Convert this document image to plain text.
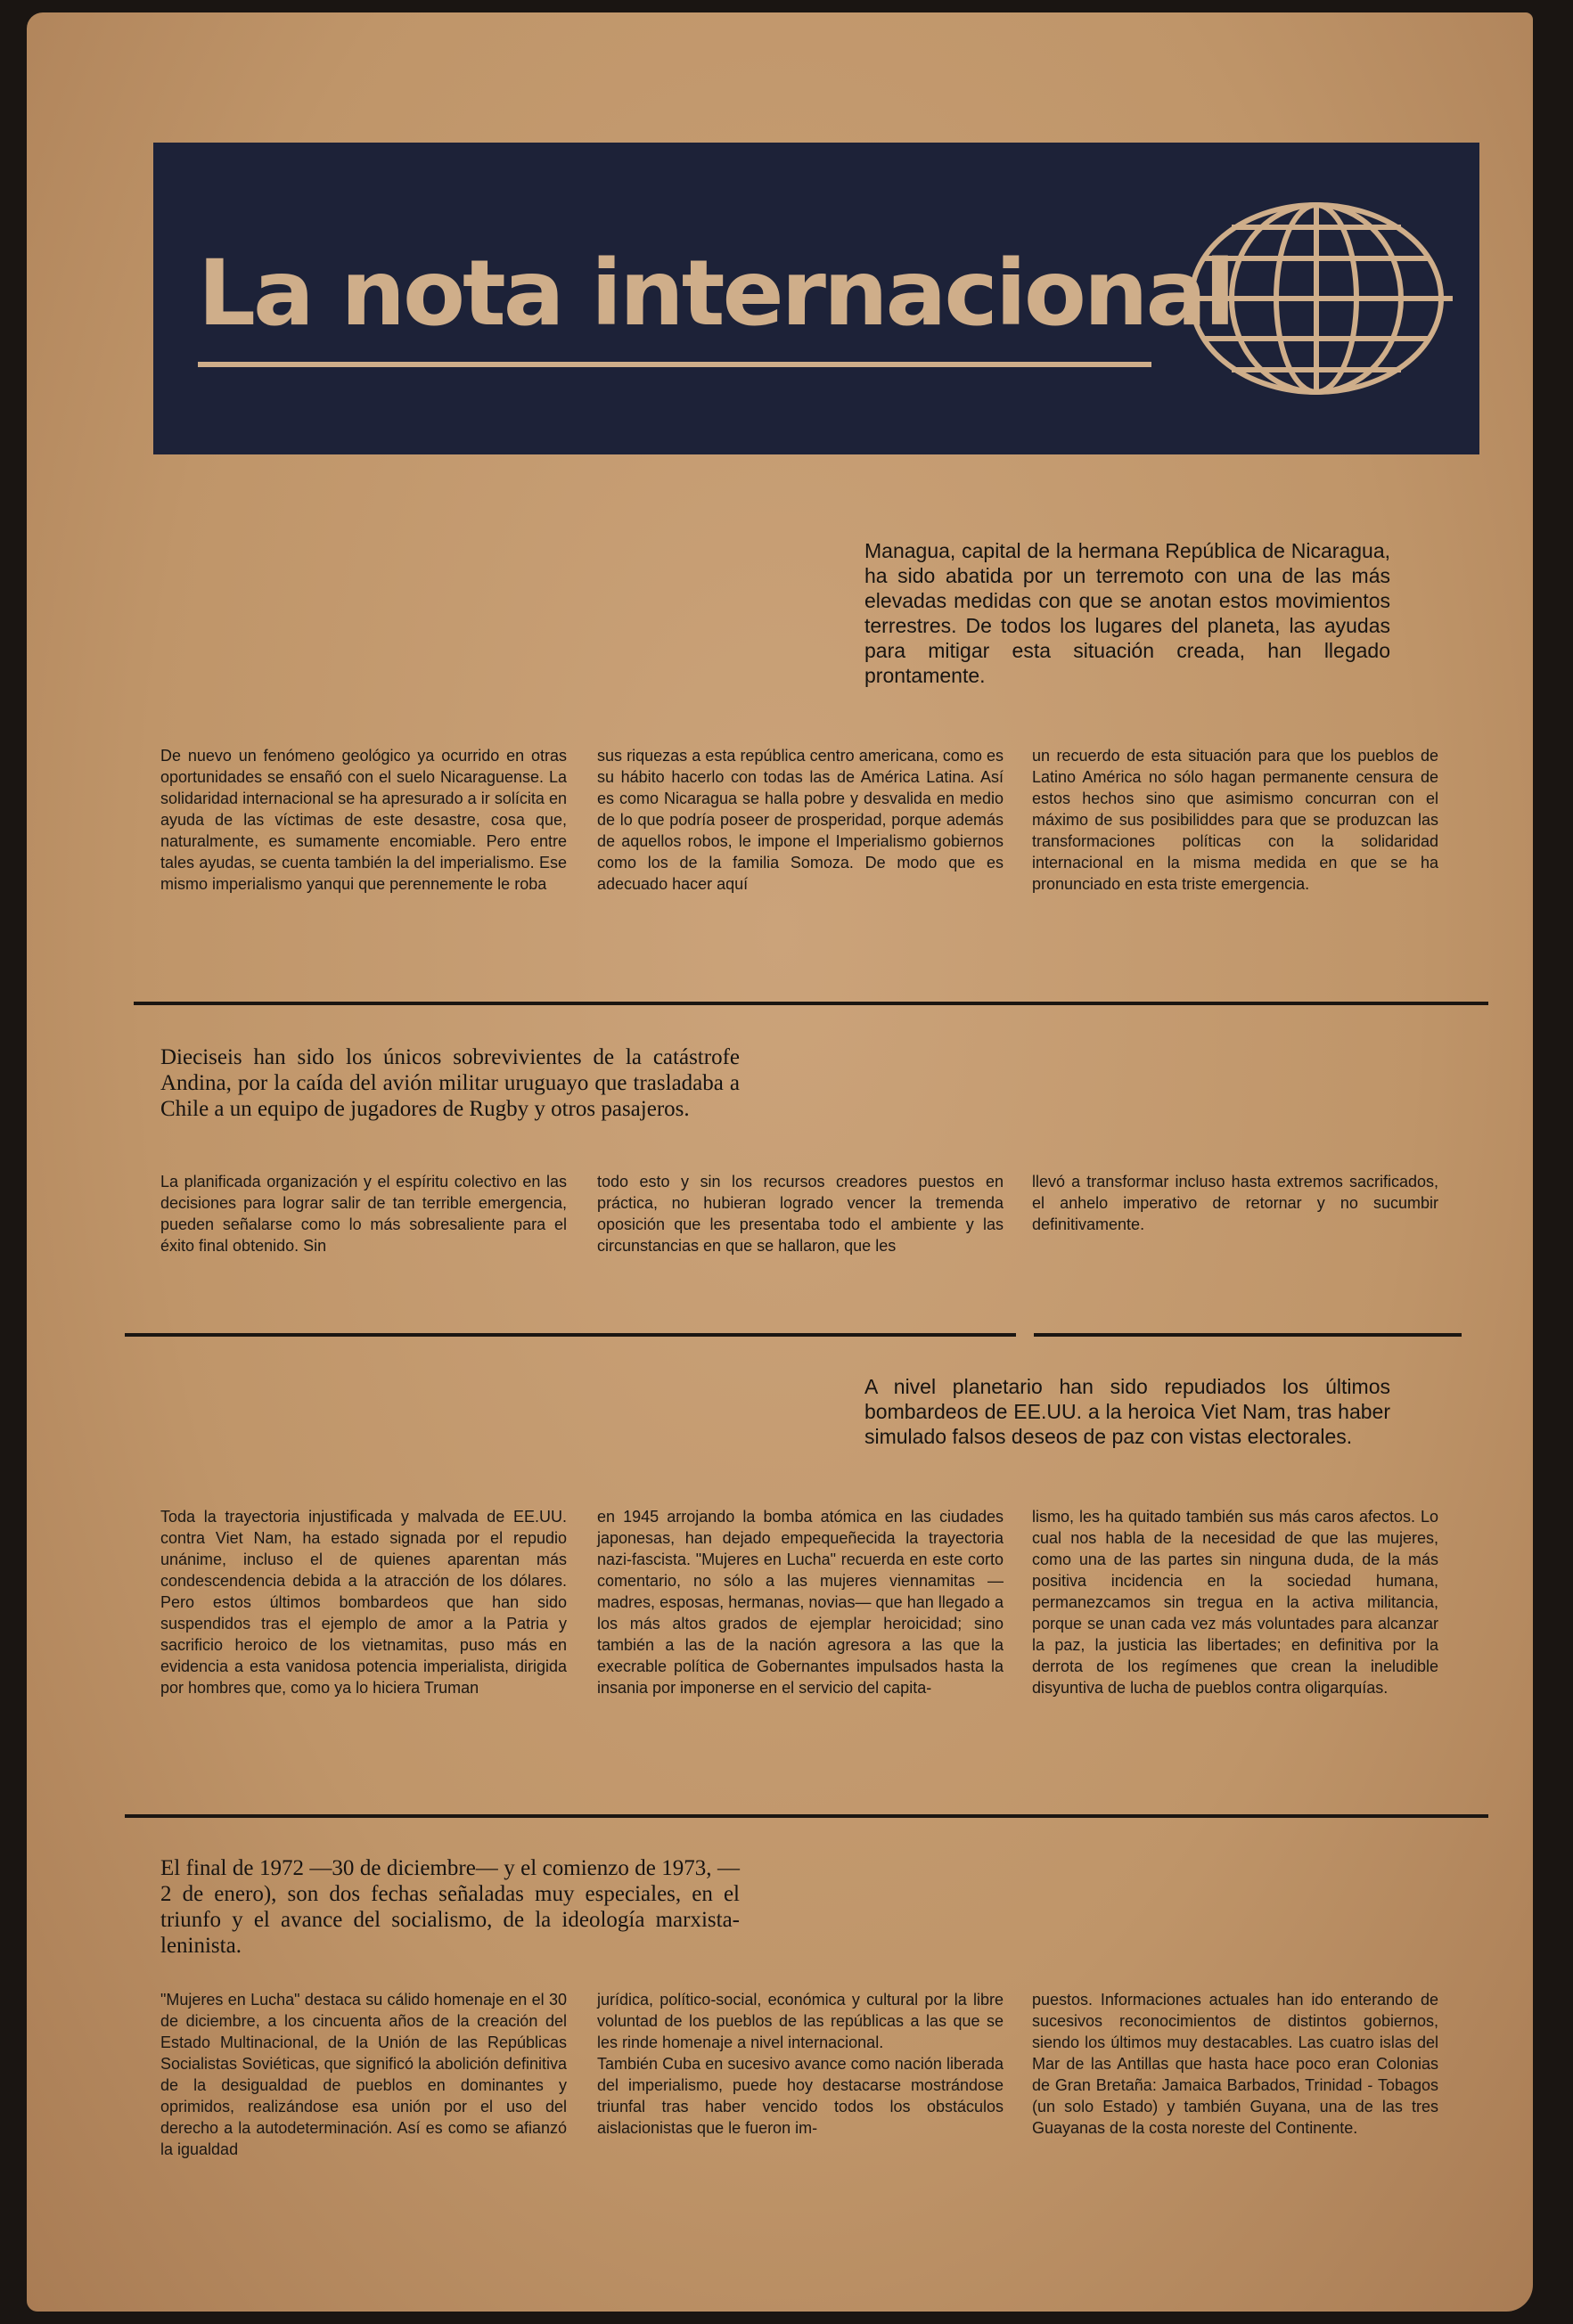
La nota internacional

Managua, capital de la hermana República de Nicaragua, ha sido abatida por un terremoto con una de las más elevadas medidas con que se anotan estos movimientos terrestres. De todos los lugares del planeta, las ayudas para mitigar esta situación creada, han llegado prontamente.

De nuevo un fenómeno geológico ya ocurrido en otras oportunidades se ensañó con el suelo Nicaraguense. La solidaridad internacional se ha apresurado a ir solícita en ayuda de las víctimas de este desastre, cosa que, naturalmente, es sumamente encomiable. Pero entre tales ayudas, se cuenta también la del imperialismo. Ese mismo imperialismo yanqui que perennemente le roba

sus riquezas a esta república centro americana, como es su hábito hacerlo con todas las de América Latina. Así es como Nicaragua se halla pobre y desvalida en medio de lo que podría poseer de prosperidad, porque además de aquellos robos, le impone el Imperialismo gobiernos como los de la familia Somoza. De modo que es adecuado hacer aquí

un recuerdo de esta situación para que los pueblos de Latino América no sólo hagan permanente censura de estos hechos sino que asimismo concurran con el máximo de sus posibiliddes para que se produzcan las transformaciones políticas con la solidaridad internacional en la misma medida en que se ha pronunciado en esta triste emergencia.

Dieciseis han sido los únicos sobrevivientes de la catástrofe Andina, por la caída del avión militar uruguayo que trasladaba a Chile a un equipo de jugadores de Rugby y otros pasajeros.

La planificada organización y el espíritu colectivo en las decisiones para lograr salir de tan terrible emergencia, pueden señalarse como lo más sobresaliente para el éxito final obtenido. Sin

todo esto y sin los recursos creadores puestos en práctica, no hubieran logrado vencer la tremenda oposición que les presentaba todo el ambiente y las circunstancias en que se hallaron, que les

llevó a transformar incluso hasta extremos sacrificados, el anhelo imperativo de retornar y no sucumbir definitivamente.

A nivel planetario han sido repudiados los últimos bombardeos de EE.UU. a la heroica Viet Nam, tras haber simulado falsos deseos de paz con vistas electorales.

Toda la trayectoria injustificada y malvada de EE.UU. contra Viet Nam, ha estado signada por el repudio unánime, incluso el de quienes aparentan más condescendencia debida a la atracción de los dólares. Pero estos últimos bombardeos que han sido suspendidos tras el ejemplo de amor a la Patria y sacrificio heroico de los vietnamitas, puso más en evidencia a esta vanidosa potencia imperialista, dirigida por hombres que, como ya lo hiciera Truman

en 1945 arrojando la bomba atómica en las ciudades japonesas, han dejado empequeñecida la trayectoria nazi-fascista. "Mujeres en Lucha" recuerda en este corto comentario, no sólo a las mujeres viennamitas —madres, esposas, hermanas, novias— que han llegado a los más altos grados de ejemplar heroicidad; sino también a las de la nación agresora a las que la execrable política de Gobernantes impulsados hasta la insania por imponerse en el servicio del capita-

lismo, les ha quitado también sus más caros afectos. Lo cual nos habla de la necesidad de que las mujeres, como una de las partes sin ninguna duda, de la más positiva incidencia en la sociedad humana, permanezcamos sin tregua en la activa militancia, porque se unan cada vez más voluntades para alcanzar la paz, la justicia las libertades; en definitiva por la derrota de los regímenes que crean la ineludible disyuntiva de lucha de pueblos contra oligarquías.

El final de 1972 —30 de diciembre— y el comienzo de 1973, —2 de enero), son dos fechas señaladas muy especiales, en el triunfo y el avance del socialismo, de la ideología marxista-leninista.

"Mujeres en Lucha" destaca su cálido homenaje en el 30 de diciembre, a los cincuenta años de la creación del Estado Multinacional, de la Unión de las Repúblicas Socialistas Soviéticas, que significó la abolición definitiva de la desigualdad de pueblos en dominantes y oprimidos, realizándose esa unión por el uso del derecho a la autodeterminación. Así es como se afianzó la igualdad

jurídica, político-social, económica y cultural por la libre voluntad de los pueblos de las repúblicas a las que se les rinde homenaje a nivel internacional.
También Cuba en sucesivo avance como nación liberada del imperialismo, puede hoy destacarse mostrándose triunfal tras haber vencido todos los obstáculos aislacionistas que le fueron im-

puestos. Informaciones actuales han ido enterando de sucesivos reconocimientos de distintos gobiernos, siendo los últimos muy destacables. Las cuatro islas del Mar de las Antillas que hasta hace poco eran Colonias de Gran Bretaña: Jamaica Barbados, Trinidad - Tobagos (un solo Estado) y también Guyana, una de las tres Guayanas de la costa noreste del Continente.
